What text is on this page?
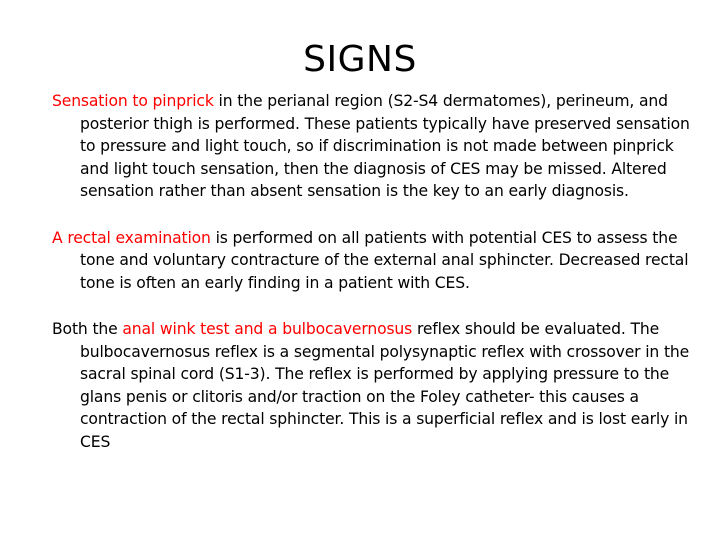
SIGNS

Sensation to pinprick in the perianal region (S2-S4 dermatomes), perineum, and posterior thigh is performed. These patients typically have preserved sensation to pressure and light touch, so if discrimination is not made between pinprick and light touch sensation, then the diagnosis of CES may be missed. Altered sensation rather than absent sensation is the key to an early diagnosis.

A rectal examination is performed on all patients with potential CES to assess the tone and voluntary contracture of the external anal sphincter. Decreased rectal tone is often an early finding in a patient with CES.

Both the anal wink test and a bulbocavernosus reflex should be evaluated. The bulbocavernosus reflex is a segmental polysynaptic reflex with crossover in the sacral spinal cord (S1-3). The reflex is performed by applying pressure to the glans penis or clitoris and/or traction on the Foley catheter- this causes a contraction of the rectal sphincter. This is a superficial reflex and is lost early in CES
